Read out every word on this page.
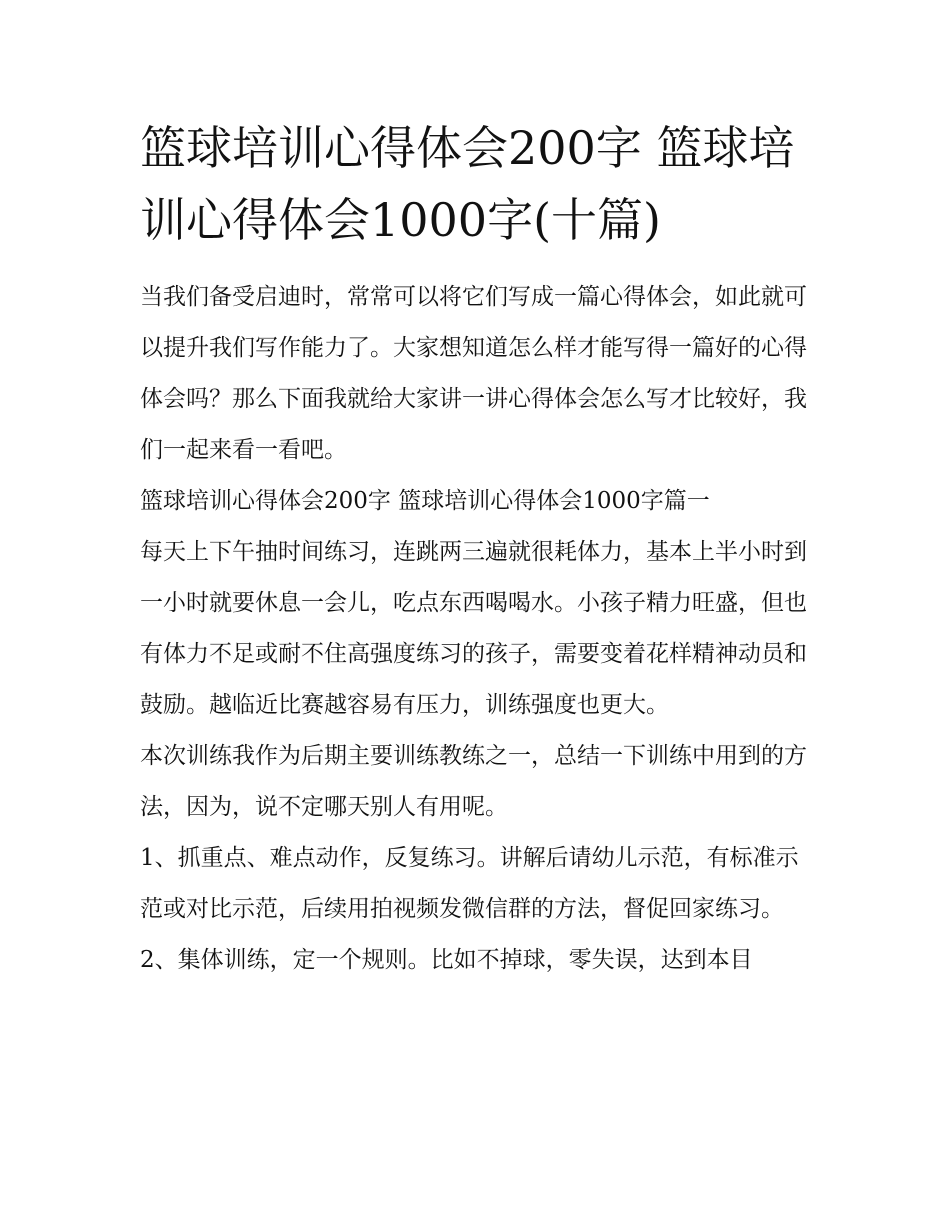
篮球培训心得体会200字 篮球培训心得体会1000字(十篇)

当我们备受启迪时，常常可以将它们写成一篇心得体会，如此就可以提升我们写作能力了。大家想知道怎么样才能写得一篇好的心得体会吗？那么下面我就给大家讲一讲心得体会怎么写才比较好，我们一起来看一看吧。

篮球培训心得体会200字 篮球培训心得体会1000字篇一

每天上下午抽时间练习，连跳两三遍就很耗体力，基本上半小时到一小时就要休息一会儿，吃点东西喝喝水。小孩子精力旺盛，但也有体力不足或耐不住高强度练习的孩子，需要变着花样精神动员和鼓励。越临近比赛越容易有压力，训练强度也更大。

本次训练我作为后期主要训练教练之一，总结一下训练中用到的方法，因为，说不定哪天别人有用呢。

1、抓重点、难点动作，反复练习。讲解后请幼儿示范，有标准示范或对比示范，后续用拍视频发微信群的方法，督促回家练习。

2、集体训练，定一个规则。比如不掉球，零失误，达到本目
